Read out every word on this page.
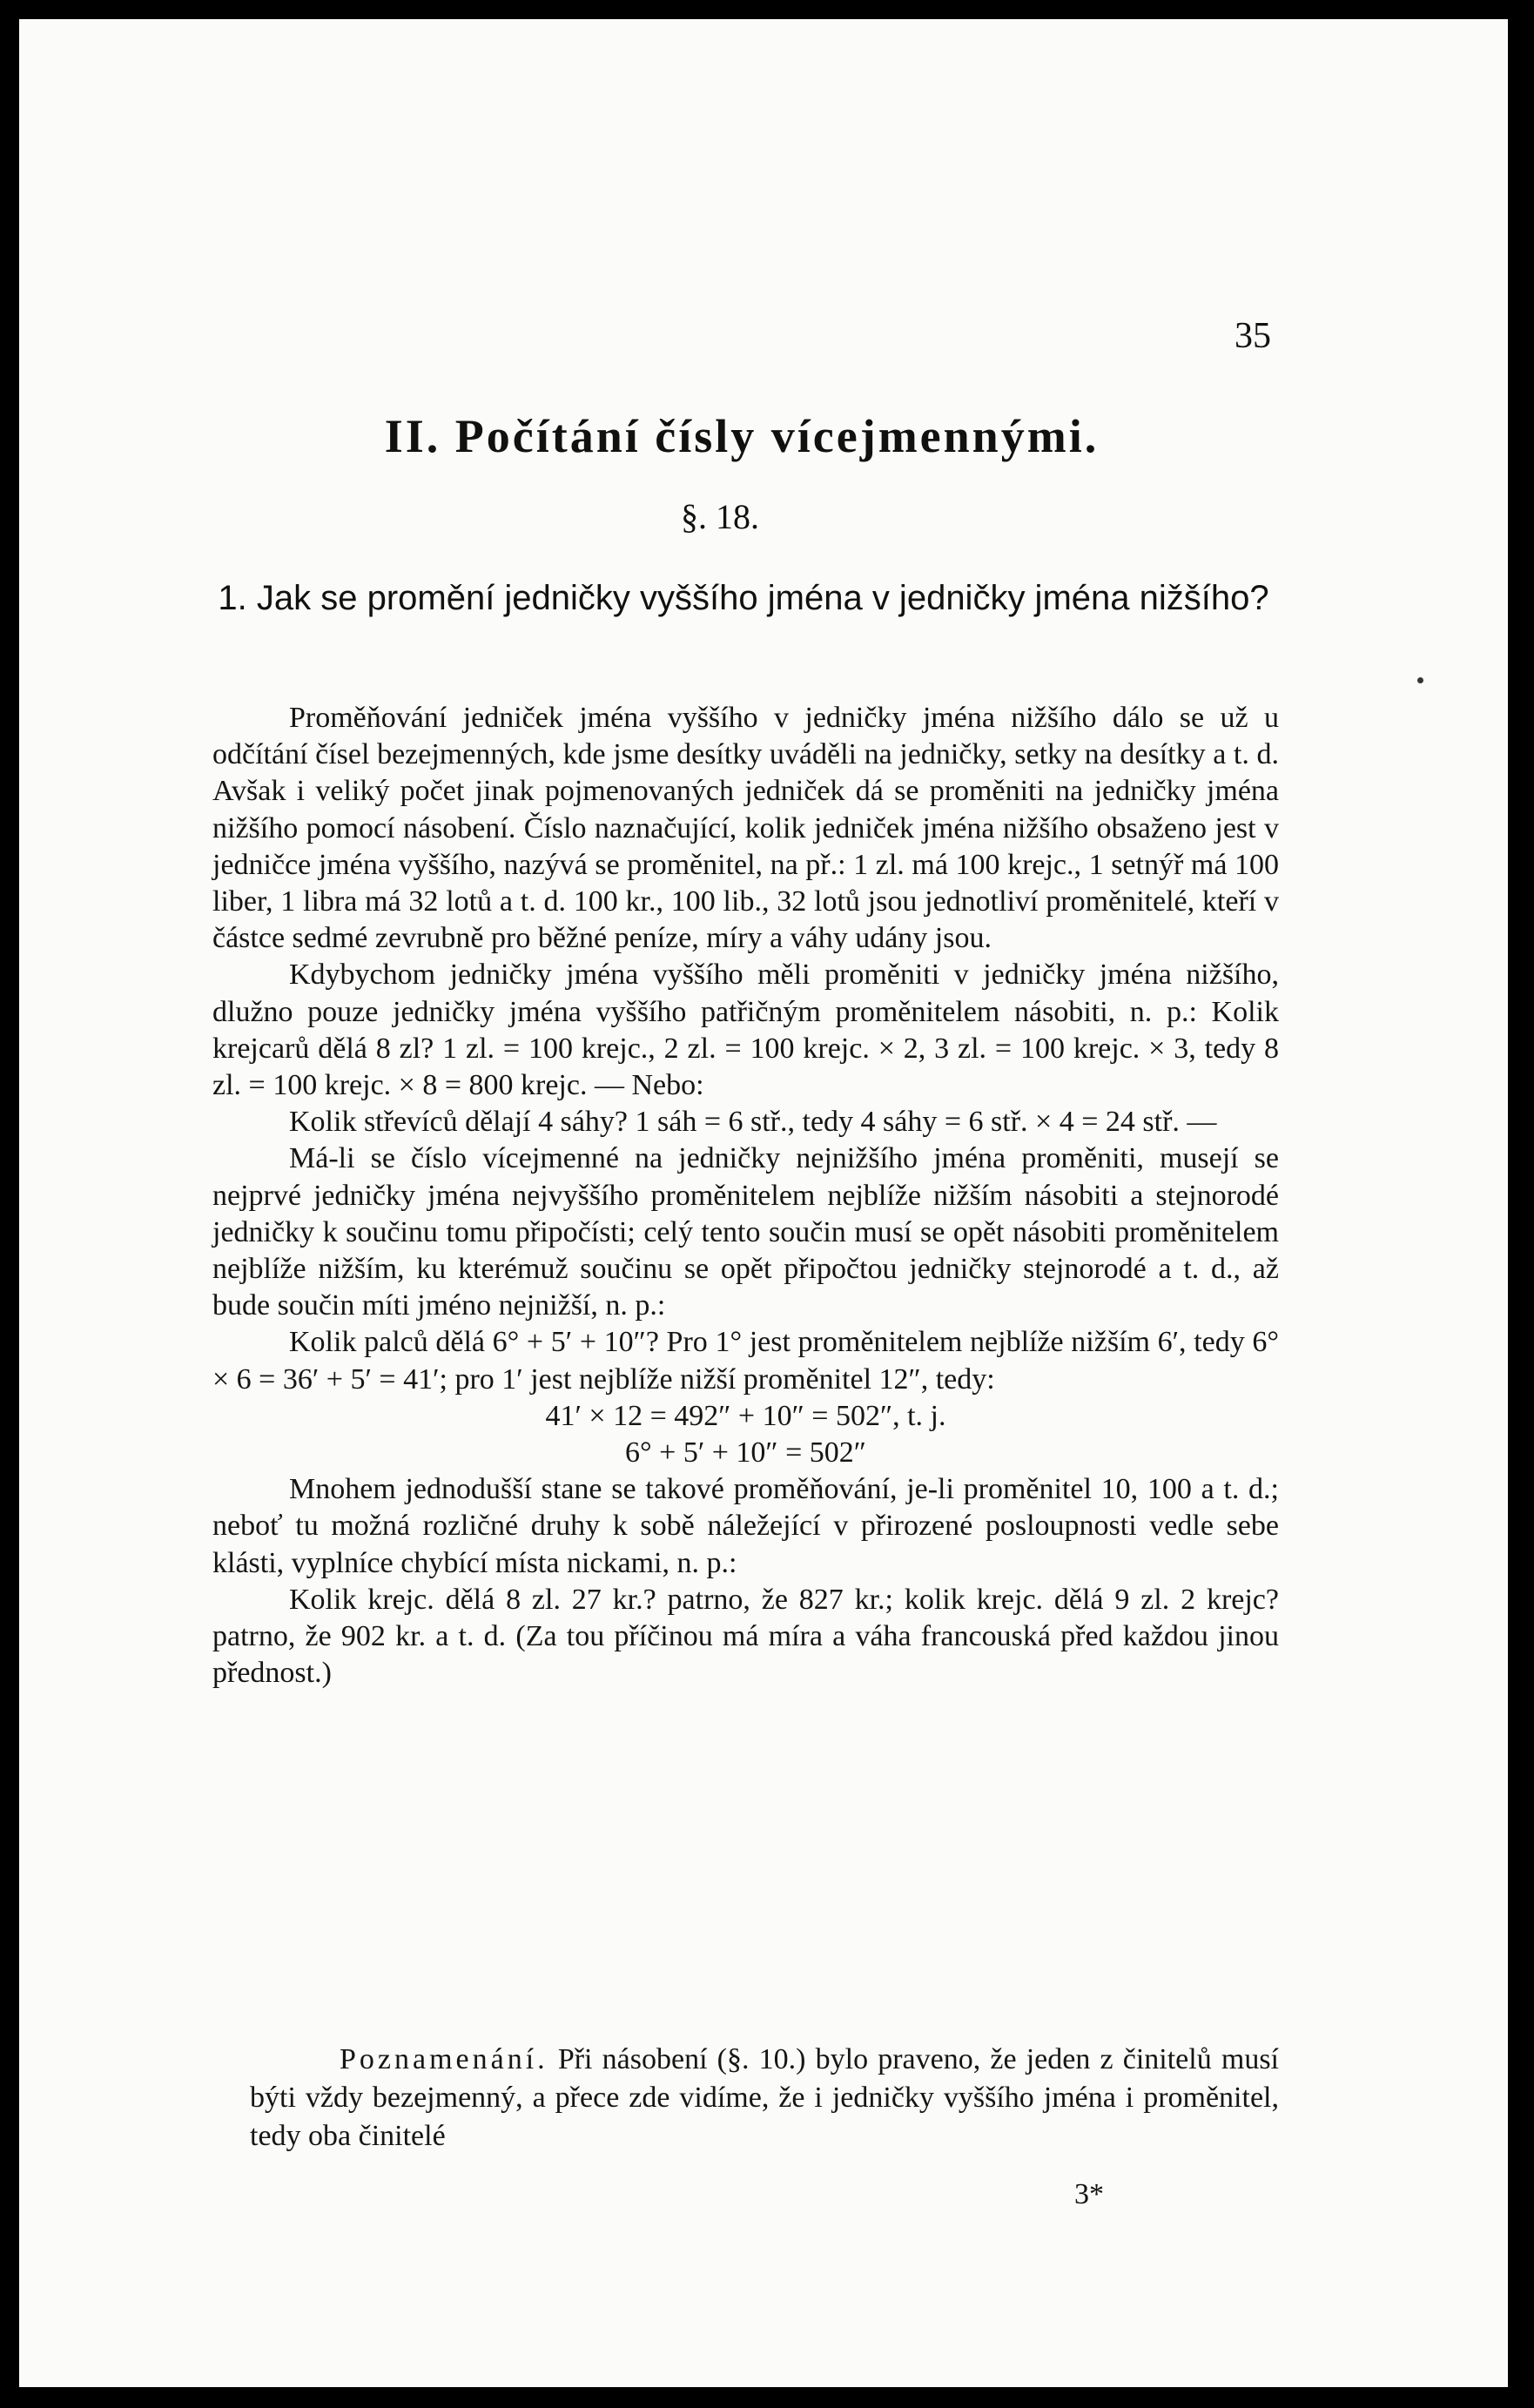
35
II. Počítání čísly vícejmennými.
§. 18.
1. Jak se promění jedničky vyššího jména v jedničky jména nižšího?

Proměňování jedniček jména vyššího v jedničky jména nižšího dálo se už u odčítání čísel bezejmenných, kde jsme desítky uváděli na jedničky, setky na desítky a t. d. Avšak i veliký počet jinak pojmenovaných jedniček dá se proměniti na jedničky jména nižšího pomocí násobení. Číslo naznačující, kolik jedniček jména nižšího obsaženo jest v jedničce jména vyššího, nazývá se proměnitel, na př.: 1 zl. má 100 krejc., 1 setnýř má 100 liber, 1 libra má 32 lotů a t. d. 100 kr., 100 lib., 32 lotů jsou jednotliví proměnitelé, kteří v částce sedmé zevrubně pro běžné peníze, míry a váhy udány jsou.

Kdybychom jedničky jména vyššího měli proměniti v jedničky jména nižšího, dlužno pouze jedničky jména vyššího patřičným proměnitelem násobiti, n. p.: Kolik krejcarů dělá 8 zl? 1 zl. = 100 krejc., 2 zl. = 100 krejc. × 2, 3 zl. = 100 krejc. × 3, tedy 8 zl. = 100 krejc. × 8 = 800 krejc. — Nebo:

Kolik střevíců dělají 4 sáhy? 1 sáh = 6 stř., tedy 4 sáhy = 6 stř. × 4 = 24 stř. —

Má-li se číslo vícejmenné na jedničky nejnižšího jména proměniti, musejí se nejprvé jedničky jména nejvyššího proměnitelem nejblíže nižším násobiti a stejnorodé jedničky k součinu tomu připočísti; celý tento součin musí se opět násobiti proměnitelem nejblíže nižším, ku kterémuž součinu se opět připočtou jedničky stejnorodé a t. d., až bude součin míti jméno nejnižší, n. p.:

Kolik palců dělá 6° + 5′ + 10″? Pro 1° jest proměnitelem nejblíže nižším 6′, tedy 6° × 6 = 36′ + 5′ = 41′; pro 1′ jest nejblíže nižší proměnitel 12″, tedy:

41′ × 12 = 492″ + 10″ = 502″, t. j.

6° + 5′ + 10″ = 502″

Mnohem jednodušší stane se takové proměňování, je-li proměnitel 10, 100 a t. d.; neboť tu možná rozličné druhy k sobě náležející v přirozené posloupnosti vedle sebe klásti, vyplníce chybící místa nickami, n. p.:

Kolik krejc. dělá 8 zl. 27 kr.? patrno, že 827 kr.; kolik krejc. dělá 9 zl. 2 krejc? patrno, že 902 kr. a t. d. (Za tou příčinou má míra a váha francouská před každou jinou přednost.)

Poznamenání. Při násobení (§. 10.) bylo praveno, že jeden z činitelů musí býti vždy bezejmenný, a přece zde vidíme, že i jedničky vyššího jména i proměnitel, tedy oba činitelé

3*
